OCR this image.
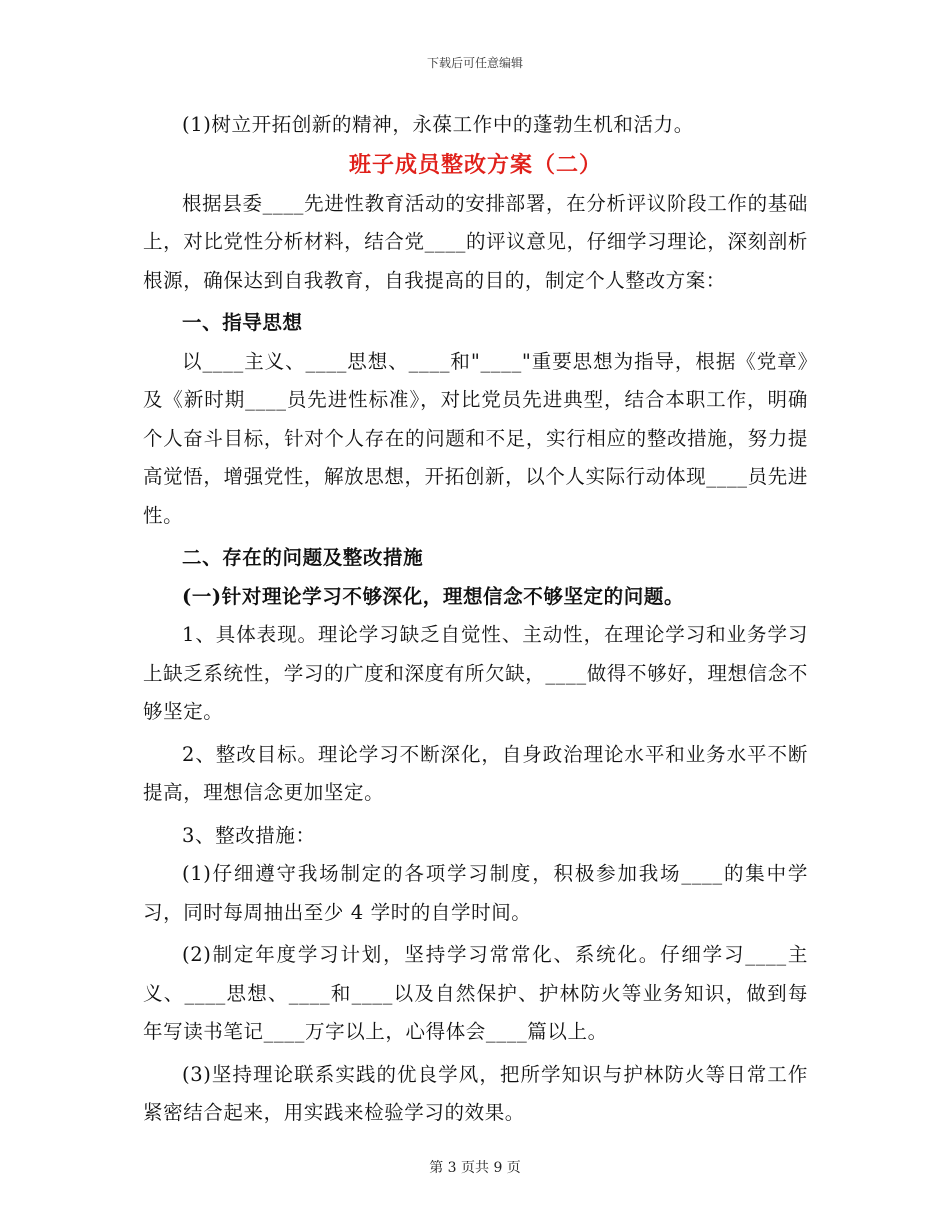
下载后可任意编辑

(1)树立开拓创新的精神，永葆工作中的蓬勃生机和活力。

班子成员整改方案（二）

根据县委____先进性教育活动的安排部署，在分析评议阶段工作的基础上，对比党性分析材料，结合党____的评议意见，仔细学习理论，深刻剖析根源，确保达到自我教育，自我提高的目的，制定个人整改方案：

一、指导思想

以____主义、____思想、____和"____"重要思想为指导，根据《党章》及《新时期____员先进性标准》，对比党员先进典型，结合本职工作，明确个人奋斗目标，针对个人存在的问题和不足，实行相应的整改措施，努力提高觉悟，增强党性，解放思想，开拓创新，以个人实际行动体现____员先进性。

二、存在的问题及整改措施

(一)针对理论学习不够深化，理想信念不够坚定的问题。

1、具体表现。理论学习缺乏自觉性、主动性，在理论学习和业务学习上缺乏系统性，学习的广度和深度有所欠缺，____做得不够好，理想信念不够坚定。

2、整改目标。理论学习不断深化，自身政治理论水平和业务水平不断提高，理想信念更加坚定。

3、整改措施：

(1)仔细遵守我场制定的各项学习制度，积极参加我场____的集中学习，同时每周抽出至少 4 学时的自学时间。

(2)制定年度学习计划，坚持学习常常化、系统化。仔细学习____主义、____思想、____和____以及自然保护、护林防火等业务知识，做到每年写读书笔记____万字以上，心得体会____篇以上。

(3)坚持理论联系实践的优良学风，把所学知识与护林防火等日常工作紧密结合起来，用实践来检验学习的效果。

第 3 页共 9 页
